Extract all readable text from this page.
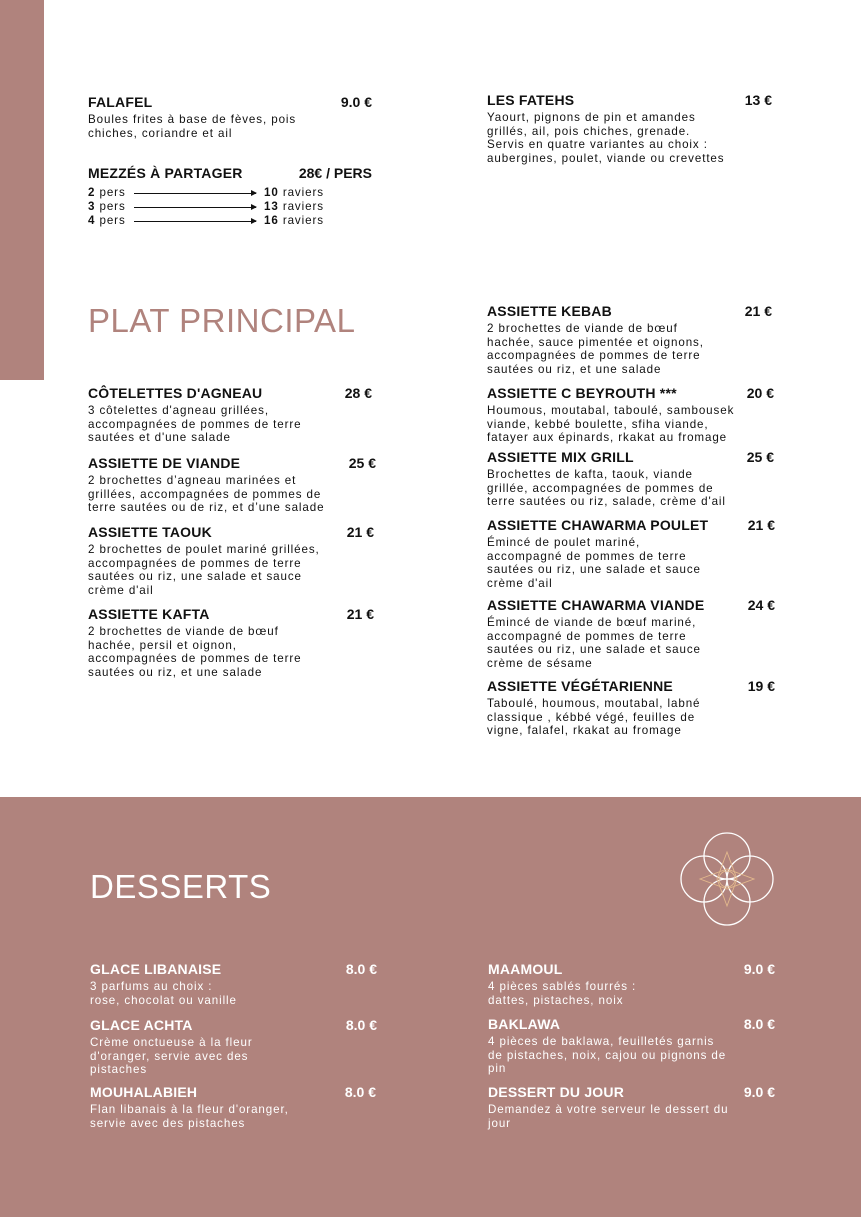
FALAFEL	9.0 €
Boules frites à base de fèves, pois
chiches, coriandre et ail
MEZZÉS À PARTAGER	28€ / PERS
2 pers	10 raviers
3 pers	13 raviers
4 pers	16 raviers
LES FATEHS	13 €
Yaourt, pignons de pin et amandes
grillés, ail, pois chiches, grenade.
Servis en quatre variantes au choix :
aubergines, poulet, viande ou crevettes
PLAT PRINCIPAL
CÔTELETTES D'AGNEAU	28 €
3 côtelettes d'agneau grillées,
accompagnées de pommes de terre
sautées et d'une salade
ASSIETTE DE VIANDE	25 €
2 brochettes d’agneau marinées et
grillées, accompagnées de pommes de
terre sautées ou de riz, et d’une salade
ASSIETTE TAOUK	21 €
2 brochettes de poulet mariné grillées,
accompagnées de pommes de terre
sautées ou riz, une salade et sauce
crème d'ail
ASSIETTE KAFTA	21 €
2 brochettes de viande de bœuf
hachée, persil et oignon,
accompagnées de pommes de terre
sautées ou riz, et une salade
ASSIETTE KEBAB	21 €
2 brochettes de viande de bœuf
hachée, sauce pimentée et oignons,
accompagnées de pommes de terre
sautées ou riz, et une salade
ASSIETTE C BEYROUTH ***	20 €
Houmous, moutabal, taboulé, sambousek
viande, kebbé boulette, sfiha viande,
fatayer aux épinards, rkakat au fromage
ASSIETTE MIX GRILL	25 €
Brochettes de kafta, taouk, viande
grillée, accompagnées de pommes de
terre sautées ou riz, salade, crème d'ail
ASSIETTE CHAWARMA POULET	21 €
Émincé de poulet mariné,
accompagné de pommes de terre
sautées ou riz, une salade et sauce
crème d'ail
ASSIETTE CHAWARMA VIANDE	24 €
Émincé de viande de bœuf mariné,
accompagné de pommes de terre
sautées ou riz, une salade et sauce
crème de sésame
ASSIETTE VÉGÉTARIENNE	19 €
Taboulé, houmous, moutabal, labné
classique , kébbé végé, feuilles de
vigne, falafel, rkakat au fromage
DESSERTS
GLACE LIBANAISE	8.0 €
3 parfums au choix :
rose, chocolat ou vanille
GLACE ACHTA	8.0 €
Crème onctueuse à la fleur
d'oranger, servie avec des
pistaches
MOUHALABIEH	8.0 €
Flan libanais à la fleur d'oranger,
servie avec des pistaches
MAAMOUL	9.0 €
4 pièces sablés fourrés :
dattes, pistaches, noix
BAKLAWA	8.0 €
4 pièces de baklawa, feuilletés garnis
de pistaches, noix, cajou ou pignons de
pin
DESSERT DU JOUR	9.0 €
Demandez à votre serveur le dessert du
jour
